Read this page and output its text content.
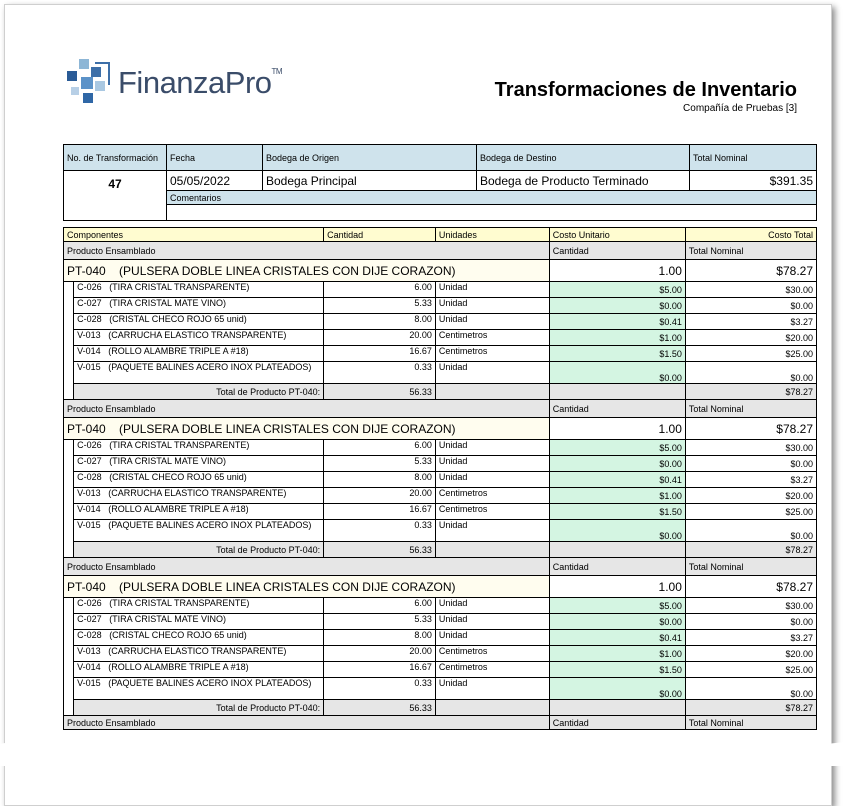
FinanzaPro™
Transformaciones de Inventario
Compañía de Pruebas [3]
No. de Transformación	Fecha	Bodega de Origen	Bodega de Destino	Total Nominal
47	05/05/2022	Bodega Principal	Bodega de Producto Terminado	$391.35
	Comentarios			

Componentes		Cantidad	Unidades	Costo Unitario	Costo Total
Producto Ensamblado				Cantidad	Total Nominal
PT-040    (PULSERA DOBLE LINEA CRISTALES CON DIJE CORAZON)				1.00	$78.27
	C-026 (TIRA CRISTAL TRANSPARENTE)	6.00	Unidad	$5.00	$30.00
	C-027 (TIRA CRISTAL MATE VINO)	5.33	Unidad	$0.00	$0.00
	C-028 (CRISTAL CHECO ROJO 65 unid)	8.00	Unidad	$0.41	$3.27
	V-013 (CARRUCHA ELASTICO TRANSPARENTE)	20.00	Centimetros	$1.00	$20.00
	V-014 (ROLLO ALAMBRE TRIPLE A #18)	16.67	Centimetros	$1.50	$25.00
	V-015 (PAQUETE BALINES ACERO INOX PLATEADOS)	0.33	Unidad	$0.00	$0.00
	Total de Producto PT-040:	56.33			$78.27
Producto Ensamblado				Cantidad	Total Nominal
PT-040    (PULSERA DOBLE LINEA CRISTALES CON DIJE CORAZON)				1.00	$78.27
	C-026 (TIRA CRISTAL TRANSPARENTE)	6.00	Unidad	$5.00	$30.00
	C-027 (TIRA CRISTAL MATE VINO)	5.33	Unidad	$0.00	$0.00
	C-028 (CRISTAL CHECO ROJO 65 unid)	8.00	Unidad	$0.41	$3.27
	V-013 (CARRUCHA ELASTICO TRANSPARENTE)	20.00	Centimetros	$1.00	$20.00
	V-014 (ROLLO ALAMBRE TRIPLE A #18)	16.67	Centimetros	$1.50	$25.00
	V-015 (PAQUETE BALINES ACERO INOX PLATEADOS)	0.33	Unidad	$0.00	$0.00
	Total de Producto PT-040:	56.33			$78.27
Producto Ensamblado				Cantidad	Total Nominal
PT-040    (PULSERA DOBLE LINEA CRISTALES CON DIJE CORAZON)				1.00	$78.27
	C-026 (TIRA CRISTAL TRANSPARENTE)	6.00	Unidad	$5.00	$30.00
	C-027 (TIRA CRISTAL MATE VINO)	5.33	Unidad	$0.00	$0.00
	C-028 (CRISTAL CHECO ROJO 65 unid)	8.00	Unidad	$0.41	$3.27
	V-013 (CARRUCHA ELASTICO TRANSPARENTE)	20.00	Centimetros	$1.00	$20.00
	V-014 (ROLLO ALAMBRE TRIPLE A #18)	16.67	Centimetros	$1.50	$25.00
	V-015 (PAQUETE BALINES ACERO INOX PLATEADOS)	0.33	Unidad	$0.00	$0.00
	Total de Producto PT-040:	56.33			$78.27
Producto Ensamblado				Cantidad	Total Nominal
